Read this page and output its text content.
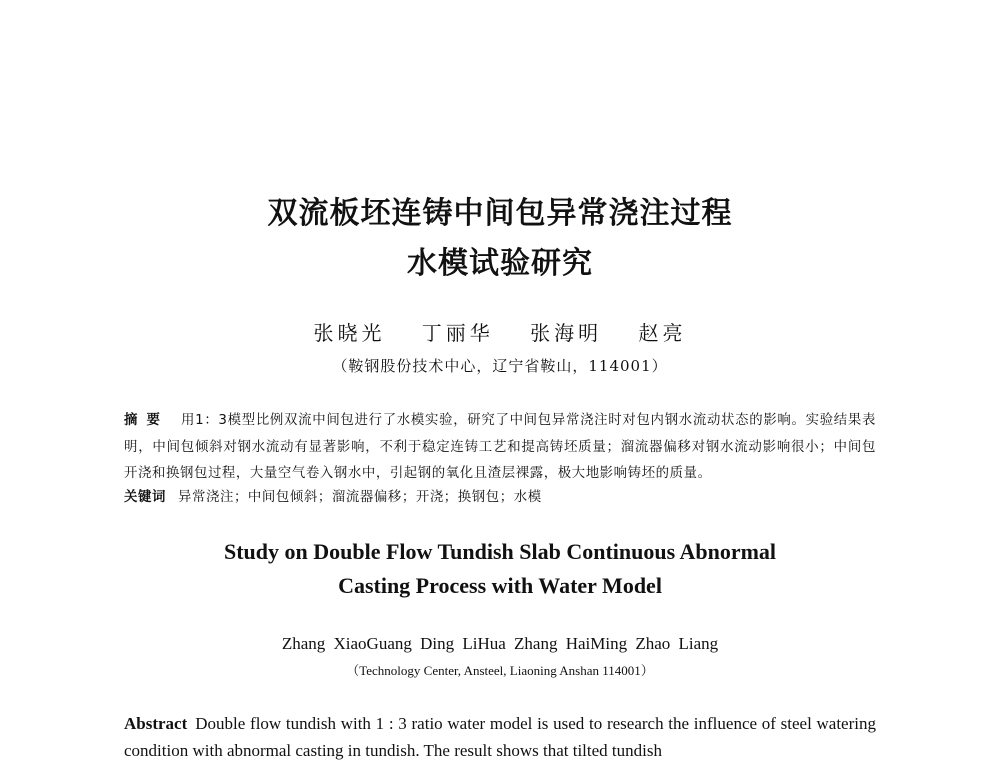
双流板坯连铸中间包异常浇注过程
水模试验研究
张晓光 丁丽华 张海明 赵亮
（鞍钢股份技术中心，辽宁省鞍山，114001）
摘要 用1：3模型比例双流中间包进行了水模实验，研究了中间包异常浇注时对包内钢水流动状态的影响。实验结果表明，中间包倾斜对钢水流动有显著影响，不利于稳定连铸工艺和提高铸坯质量；溜流器偏移对钢水流动影响很小；中间包开浇和换钢包过程，大量空气卷入钢水中，引起钢的氧化且渣层裸露，极大地影响铸坯的质量。
关键词 异常浇注；中间包倾斜；溜流器偏移；开浇；换钢包；水模
Study on Double Flow Tundish Slab Continuous Abnormal
Casting Process with Water Model
Zhang XiaoGuang Ding LiHua Zhang HaiMing Zhao Liang
（Technology Center, Ansteel, Liaoning Anshan 114001）
Abstract Double flow tundish with 1 : 3 ratio water model is used to research the influence of steel watering condition with abnormal casting in tundish. The result shows that tilted tundish
